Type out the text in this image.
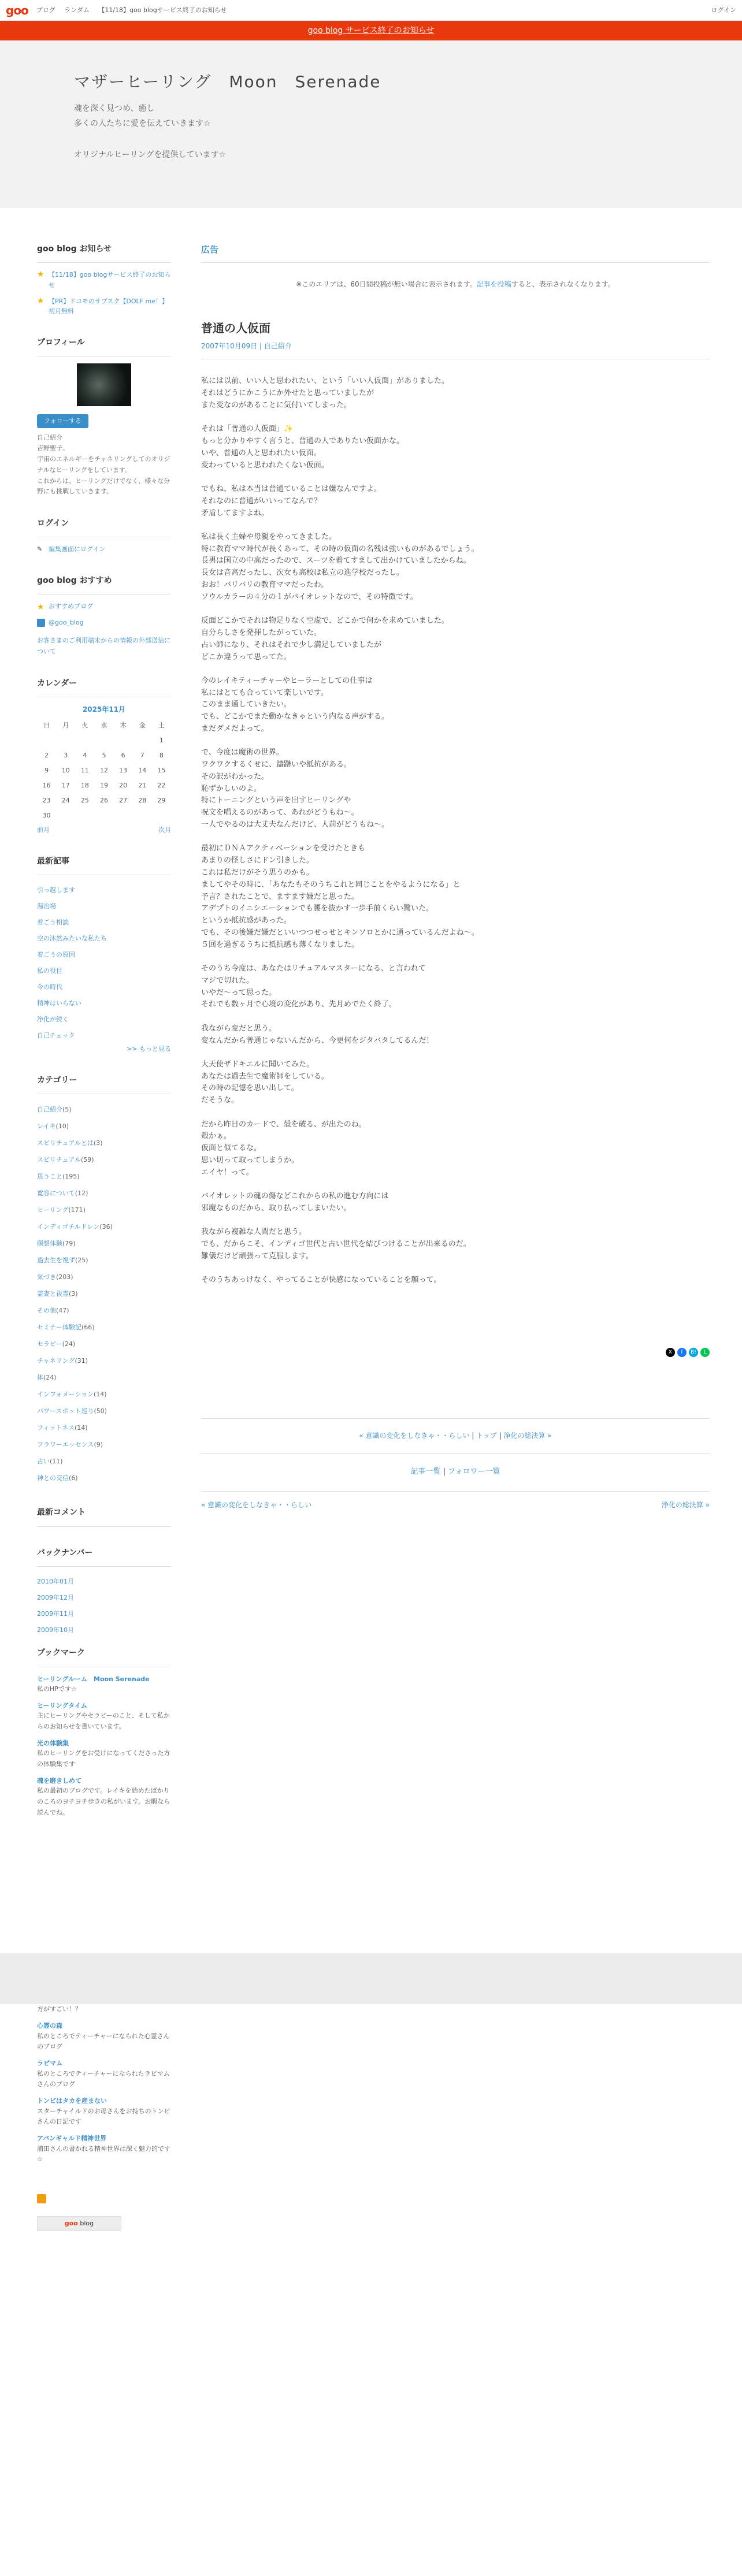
goo ブログ ランダム 【11/18】goo blogサービス終了のお知らせ	ログイン
goo blog サービス終了のお知らせ
マザーヒーリング　Moon　Serenade
魂を深く見つめ、癒し
多くの人たちに愛を伝えていきます☆

オリジナルヒーリングを提供しています☆
goo blog お知らせ
★ 【11/18】goo blogサービス終了のお知らせ
★ 【PR】ドコモのサブスク【DOLF me！】初月無料
プロフィール
フォローする
自己紹介
吉野聖子。
宇宙のエネルギーをチャネリングしてのオリジナルなヒーリングをしています。
これからは、ヒーリングだけでなく、様々な分野にも挑戦していきます。
ログイン
✎ 編集画面にログイン
goo blog おすすめ
★ おすすめブログ
@goo_blog
お客さまのご利用端末からの情報の外部送信について
カレンダー
2025年11月
日	月	火	水	木	金	土
						1
2	3	4	5	6	7	8
9	10	11	12	13	14	15
16	17	18	19	20	21	22
23	24	25	26	27	28	29
30						
前月	次月
最新記事
引っ越します
湯治場
着ごう相談
空の沐然みたいな私たち
着ごうの原因
私の役目
今の時代
精神はいらない
浄化が続く
自己チェック
>> もっと見る
カテゴリー
自己紹介(5)
レイキ(10)
スピリチュアルとは(3)
スピリチュアル(59)
思うこと(195)
寛容について(12)
ヒーリング(171)
インディゴチルドレン(36)
瞑想体験(79)
過去生を視ず(25)
気づき(203)
霊査と祓霊(3)
その他(47)
セミナー体験記(66)
セラピー(24)
チャネリング(31)
体(24)
インフォメーション(14)
パワースポット巡り(50)
フィットネス(14)
フラワーエッセンス(9)
占い(11)
神との交信(6)
最新コメント
バックナンバー
2010年01月
2009年12月
2009年11月
2009年10月
ブックマーク
ヒーリングルーム　Moon Serenade
私のHPです☆
ヒーリングタイム
主にヒーリングやセラピーのこと、そして私からのお知らせを書いています。
光の体験集
私のヒーリングをお受けになってくださった方の体験集です
魂を磨きしめて
私の最初のブログです。レイキを始めたばかりのころのヨチヨチ歩きの私がいます。お暇なら読んでね。
広告
※このエリアは、60日間投稿が無い場合に表示されます。記事を投稿すると、表示されなくなります。
普通の人仮面
2007年10月09日 | 自己紹介

私には以前、いい人と思われたい、という「いい人仮面」がありました。
それはどうにかこうにか外せたと思っていましたが
また変なのがあることに気付いてしまった。

それは「普通の人仮面」✨
もっと分かりやすく言うと、普通の人でありたい仮面かな。
いや、普通の人と思われたい仮面。
変わっていると思われたくない仮面。

でもね、私は本当は普通ていることは嫌なんですよ。
それなのに普通がいいってなんで？
矛盾してますよね。

私は長く主婦や母親をやってきました。
特に教育ママ時代が長くあって、その時の仮面の名残は強いものがあるでしょう。
長男は国立の中高だったので、スーツを着てすまして出かけていましたからね。
長女は音高だったし、次女も高校は私立の進学校だったし。
おお！バリバリの教育ママだったわ。
ソウルカラーの４分の１がバイオレットなので、その特徴です。

反面どこかでそれは物足りなく空虚で、どこかで何かを求めていました。
自分らしさを発揮したがっていた。
占い師になり、それはそれで少し満足していましたが
どこか違うって思ってた。

今のレイキティーチャーやヒーラーとしての仕事は
私にはとても合っていて楽しいです。
このまま通していきたい。
でも、どこかでまた動かなきゃという内なる声がする。
まだダメだよって。

で、今度は魔術の世界。
ワクワクするくせに、躊躇いや抵抗がある。
その訳がわかった。
恥ずかしいのよ。
特にトーニングという声を出すヒーリングや
呪文を唱えるのがあって、あれがどうもね～。
一人でやるのは大丈夫なんだけど、人前がどうもね～。

最初にＤＮＡアクティベーションを受けたときも
あまりの怪しさにドン引きした。
これは私だけがそう思うのかも。
ましてやその時に、「あなたもそのうちこれと同じことをやるようになる」と
予言？されたことで、ますます嫌だと思った。
アデプトのイニシエーションでも腰を抜かす一歩手前くらい驚いた。
というか抵抗感があった。
でも、その後嫌だ嫌だといいつつせっせとキンソロとかに通っているんだよね～。
５回を過ぎるうちに抵抗感も薄くなりました。

そのうち今度は、あなたはリチュアルマスターになる、と言われて
マジで切れた。
いやだ～って思った。
それでも数ヶ月で心境の変化があり、先月めでたく終了。

我ながら変だと思う。
変なんだから普通じゃないんだから、今更何をジタバタしてるんだ！

大天使ザドキエルに聞いてみた。
あなたは過去生で魔術師をしている。
その時の記憶を思い出して。
だそうな。

だから昨日のカードで、殻を破る、が出たのね。
殻かぁ。
仮面と似てるな。
思い切って取ってしまうか。
エイヤ！って。

バイオレットの魂の傷などこれからの私の進む方向には
邪魔なものだから、取り払ってしまいたい。

我ながら複雑な人間だと思う。
でも、だからこそ、インディゴ世代と古い世代を結びつけることが出来るのだ。
難儀だけど頑張って克服します。

そのうちあっけなく、やってることが快感になっていることを願って。

X	f	B!	L
« 意識の変化をしなきゃ・・らしい | トップ | 浄化の総決算 »
記事一覧 | フォロワー一覧
« 意識の変化をしなきゃ・・らしい	浄化の総決算 »
方がすごい！？
心霊の森
私のところでティーチャーになられた心霊さんのブログ
ラピマム
私のところでティーチャーになられたラピマムさんのブログ
トンビはタカを産まない
スターチャイルドのお母さんをお持ちのトンビさんの日記です
アバンギャルド精神世界
浦田さんの書かれる精神世界は深く魅力的です☆
goo blog
